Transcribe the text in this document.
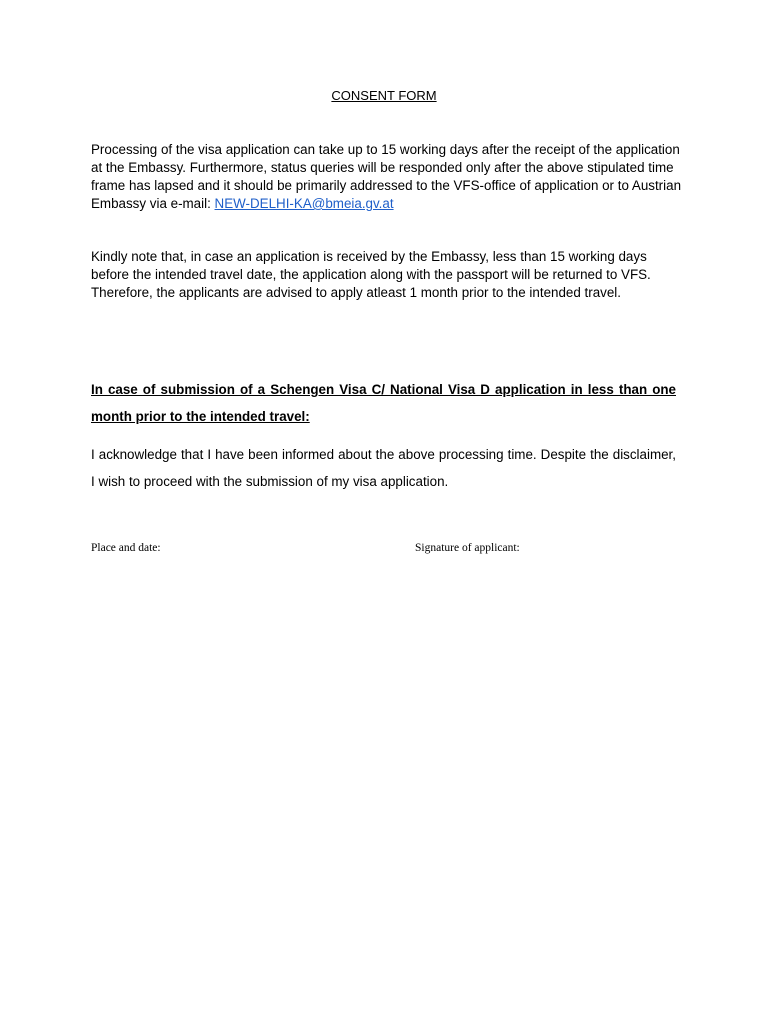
CONSENT FORM
Processing of the visa application can take up to 15 working days after the receipt of the application at the Embassy. Furthermore, status queries will be responded only after the above stipulated time frame has lapsed and it should be primarily addressed to the VFS-office of application or to Austrian Embassy via e-mail: NEW-DELHI-KA@bmeia.gv.at
Kindly note that, in case an application is received by the Embassy, less than 15 working days before the intended travel date, the application along with the passport will be returned to VFS. Therefore, the applicants are advised to apply atleast 1 month prior to the intended travel.
In case of submission of a Schengen Visa C/ National Visa D application in less than one month prior to the intended travel:
I acknowledge that I have been informed about the above processing time. Despite the disclaimer, I wish to proceed with the submission of my visa application.
Place and date:	Signature of applicant:
